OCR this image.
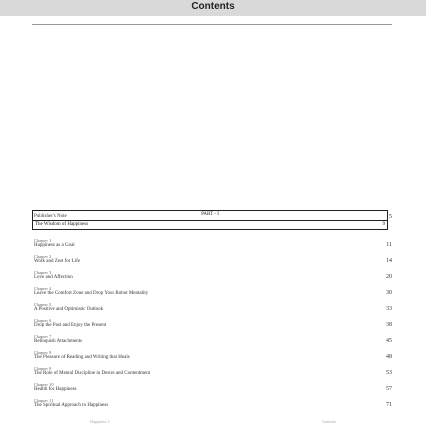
Contents
Publisher's Note	5
PART - I
The Wisdom of Happiness	9
Chapter 1
Happiness as a Goal	11
Chapter 2
Work and Zest for Life	14
Chapter 3
Love and Affection	20
Chapter 4
Leave the Comfort Zone and Drop Your Robot Mentality	30
Chapter 5
A Positive and Optimistic Outlook	33
Chapter 6
Drop the Past and Enjoy the Present	38
Chapter 7
Relinquish Attachments	45
Chapter 8
The Pleasure of Reading and Writing that Heals	48
Chapter 9
The Role of Mental Discipline in Desire and Contentment	53
Chapter 10
Health for Happiness	57
Chapter 11
The Spiritual Approach to Happiness	71
Happiness 5	Contents
